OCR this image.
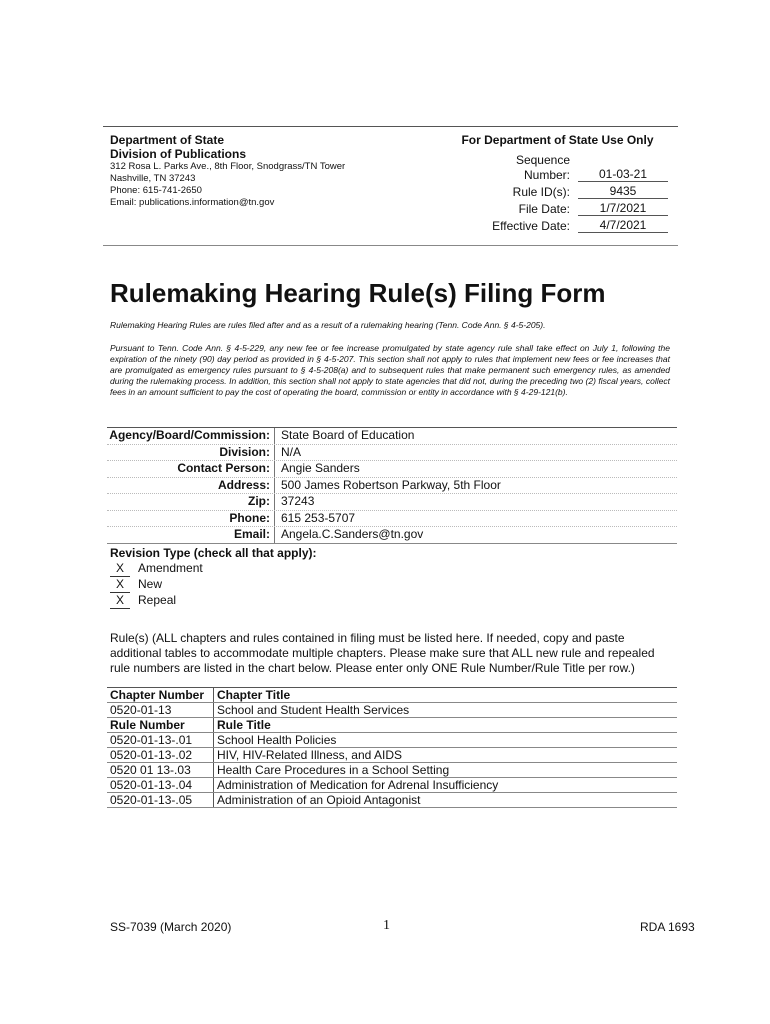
Department of State
Division of Publications
312 Rosa L. Parks Ave., 8th Floor, Snodgrass/TN Tower
Nashville, TN 37243
Phone: 615-741-2650
Email: publications.information@tn.gov
For Department of State Use Only
Sequence
Number:	01-03-21
Rule ID(s):	9435
File Date:	1/7/2021
Effective Date:	4/7/2021
Rulemaking Hearing Rule(s) Filing Form
Rulemaking Hearing Rules are rules filed after and as a result of a rulemaking hearing (Tenn. Code Ann. § 4-5-205).
Pursuant to Tenn. Code Ann. § 4-5-229, any new fee or fee increase promulgated by state agency rule shall take effect on July 1, following the expiration of the ninety (90) day period as provided in § 4-5-207. This section shall not apply to rules that implement new fees or fee increases that are promulgated as emergency rules pursuant to § 4-5-208(a) and to subsequent rules that make permanent such emergency rules, as amended during the rulemaking process. In addition, this section shall not apply to state agencies that did not, during the preceding two (2) fiscal years, collect fees in an amount sufficient to pay the cost of operating the board, commission or entity in accordance with § 4-29-121(b).
Agency/Board/Commission: State Board of Education
Division: N/A
Contact Person: Angie Sanders
Address: 500 James Robertson Parkway, 5th Floor
Zip: 37243
Phone: 615 253-5707
Email: Angela.C.Sanders@tn.gov
Revision Type (check all that apply):
X	Amendment
X	New
X	Repeal
Rule(s) (ALL chapters and rules contained in filing must be listed here. If needed, copy and paste additional tables to accommodate multiple chapters. Please make sure that ALL new rule and repealed rule numbers are listed in the chart below. Please enter only ONE Rule Number/Rule Title per row.)
Chapter Number	Chapter Title
0520-01-13	School and Student Health Services
Rule Number	Rule Title
0520-01-13-.01	School Health Policies
0520-01-13-.02	HIV, HIV-Related Illness, and AIDS
0520 01 13-.03	Health Care Procedures in a School Setting
0520-01-13-.04	Administration of Medication for Adrenal Insufficiency
0520-01-13-.05	Administration of an Opioid Antagonist
SS-7039 (March 2020)	1	RDA 1693
